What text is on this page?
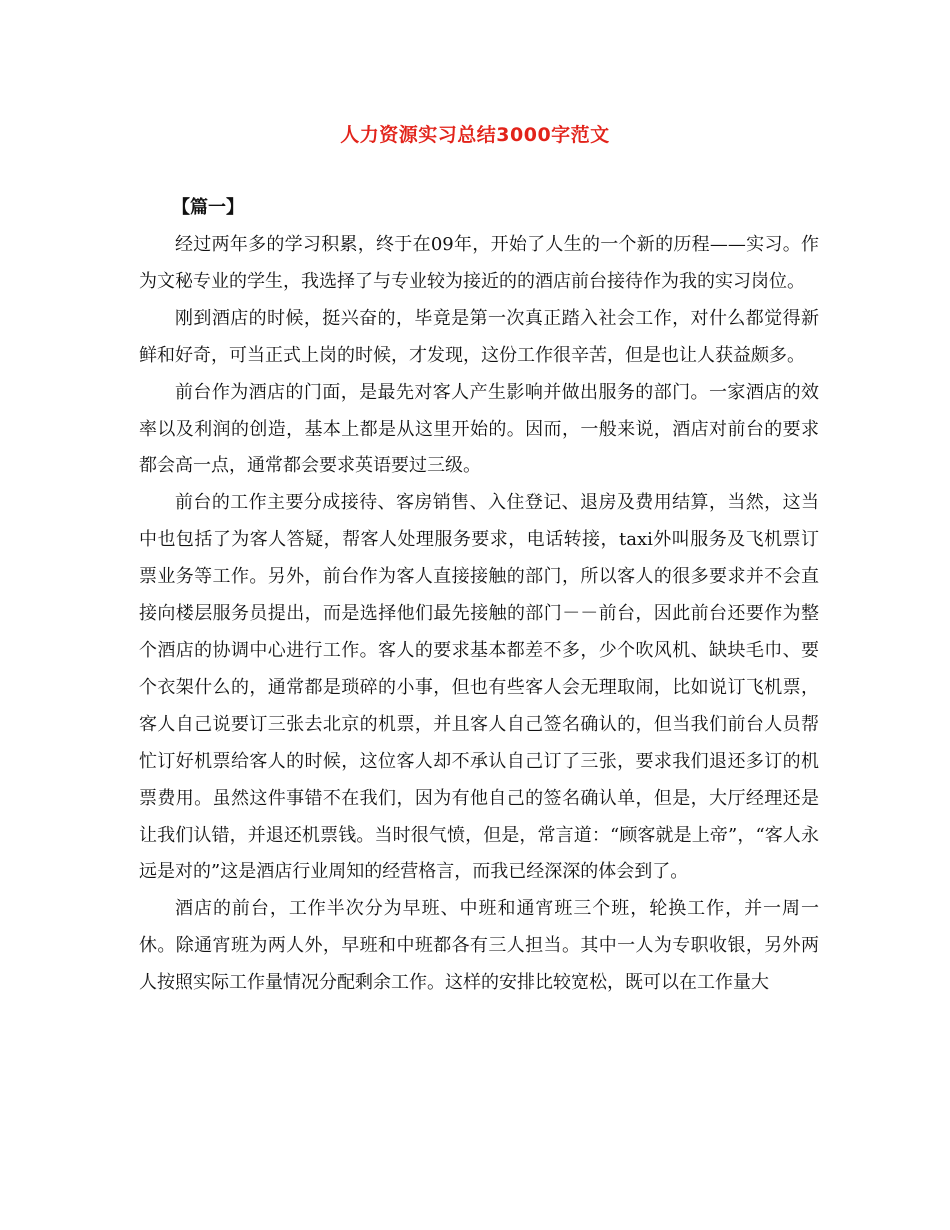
人力资源实习总结3000字范文
【篇一】

经过两年多的学习积累，终于在09年，开始了人生的一个新的历程——实习。作为文秘专业的学生，我选择了与专业较为接近的的酒店前台接待作为我的实习岗位。

刚到酒店的时候，挺兴奋的，毕竟是第一次真正踏入社会工作，对什么都觉得新鲜和好奇，可当正式上岗的时候，才发现，这份工作很辛苦，但是也让人获益颇多。

前台作为酒店的门面，是最先对客人产生影响并做出服务的部门。一家酒店的效率以及利润的创造，基本上都是从这里开始的。因而，一般来说，酒店对前台的要求都会高一点，通常都会要求英语要过三级。

前台的工作主要分成接待、客房销售、入住登记、退房及费用结算，当然，这当中也包括了为客人答疑，帮客人处理服务要求，电话转接，taxi外叫服务及飞机票订票业务等工作。另外，前台作为客人直接接触的部门，所以客人的很多要求并不会直接向楼层服务员提出，而是选择他们最先接触的部门－－前台，因此前台还要作为整个酒店的协调中心进行工作。客人的要求基本都差不多，少个吹风机、缺块毛巾、要个衣架什么的，通常都是琐碎的小事，但也有些客人会无理取闹，比如说订飞机票，客人自己说要订三张去北京的机票，并且客人自己签名确认的，但当我们前台人员帮忙订好机票给客人的时候，这位客人却不承认自己订了三张，要求我们退还多订的机票费用。虽然这件事错不在我们，因为有他自己的签名确认单，但是，大厅经理还是让我们认错，并退还机票钱。当时很气愤，但是，常言道：“顾客就是上帝”，“客人永远是对的”这是酒店行业周知的经营格言，而我已经深深的体会到了。

酒店的前台，工作半次分为早班、中班和通宵班三个班，轮换工作，并一周一休。除通宵班为两人外，早班和中班都各有三人担当。其中一人为专职收银，另外两人按照实际工作量情况分配剩余工作。这样的安排比较宽松，既可以在工作量大
